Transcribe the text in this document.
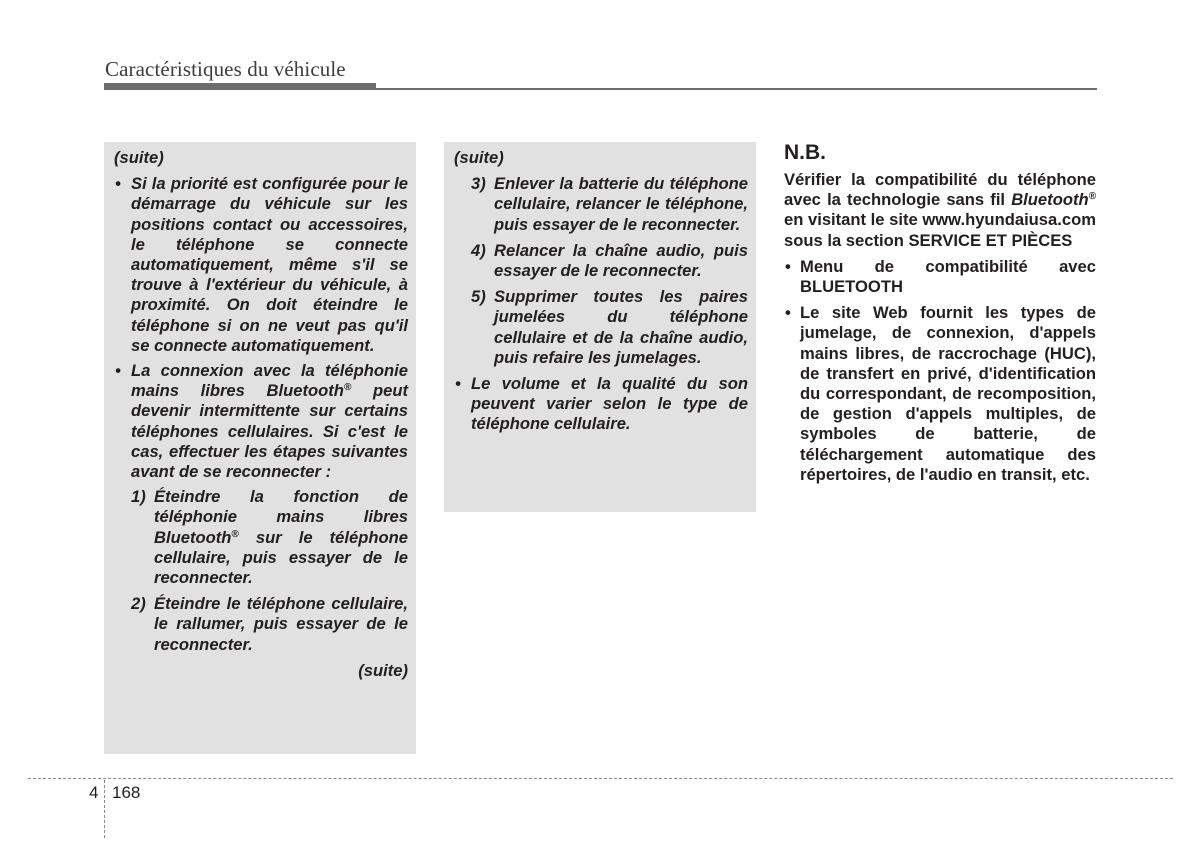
Caractéristiques du véhicule
(suite)
• Si la priorité est configurée pour le démarrage du véhicule sur les positions contact ou accessoires, le téléphone se connecte automatiquement, même s'il se trouve à l'extérieur du véhicule, à proximité. On doit éteindre le téléphone si on ne veut pas qu'il se connecte automatiquement.
• La connexion avec la téléphonie mains libres Bluetooth® peut devenir intermittente sur certains téléphones cellulaires. Si c'est le cas, effectuer les étapes suivantes avant de se reconnecter :
1) Éteindre la fonction de téléphonie mains libres Bluetooth® sur le téléphone cellulaire, puis essayer de le reconnecter.
2) Éteindre le téléphone cellulaire, le rallumer, puis essayer de le reconnecter.
(suite)
(suite)
3) Enlever la batterie du téléphone cellulaire, relancer le téléphone, puis essayer de le reconnecter.
4) Relancer la chaîne audio, puis essayer de le reconnecter.
5) Supprimer toutes les paires jumelées du téléphone cellulaire et de la chaîne audio, puis refaire les jumelages.
• Le volume et la qualité du son peuvent varier selon le type de téléphone cellulaire.
N.B.

Vérifier la compatibilité du téléphone avec la technologie sans fil Bluetooth® en visitant le site www.hyundaiusa.com sous la section SERVICE ET PIÈCES

• Menu de compatibilité avec BLUETOOTH
• Le site Web fournit les types de jumelage, de connexion, d'appels mains libres, de raccrochage (HUC), de transfert en privé, d'identification du correspondant, de recomposition, de gestion d'appels multiples, de symboles de batterie, de téléchargement automatique des répertoires, de l'audio en transit, etc.
4 168
